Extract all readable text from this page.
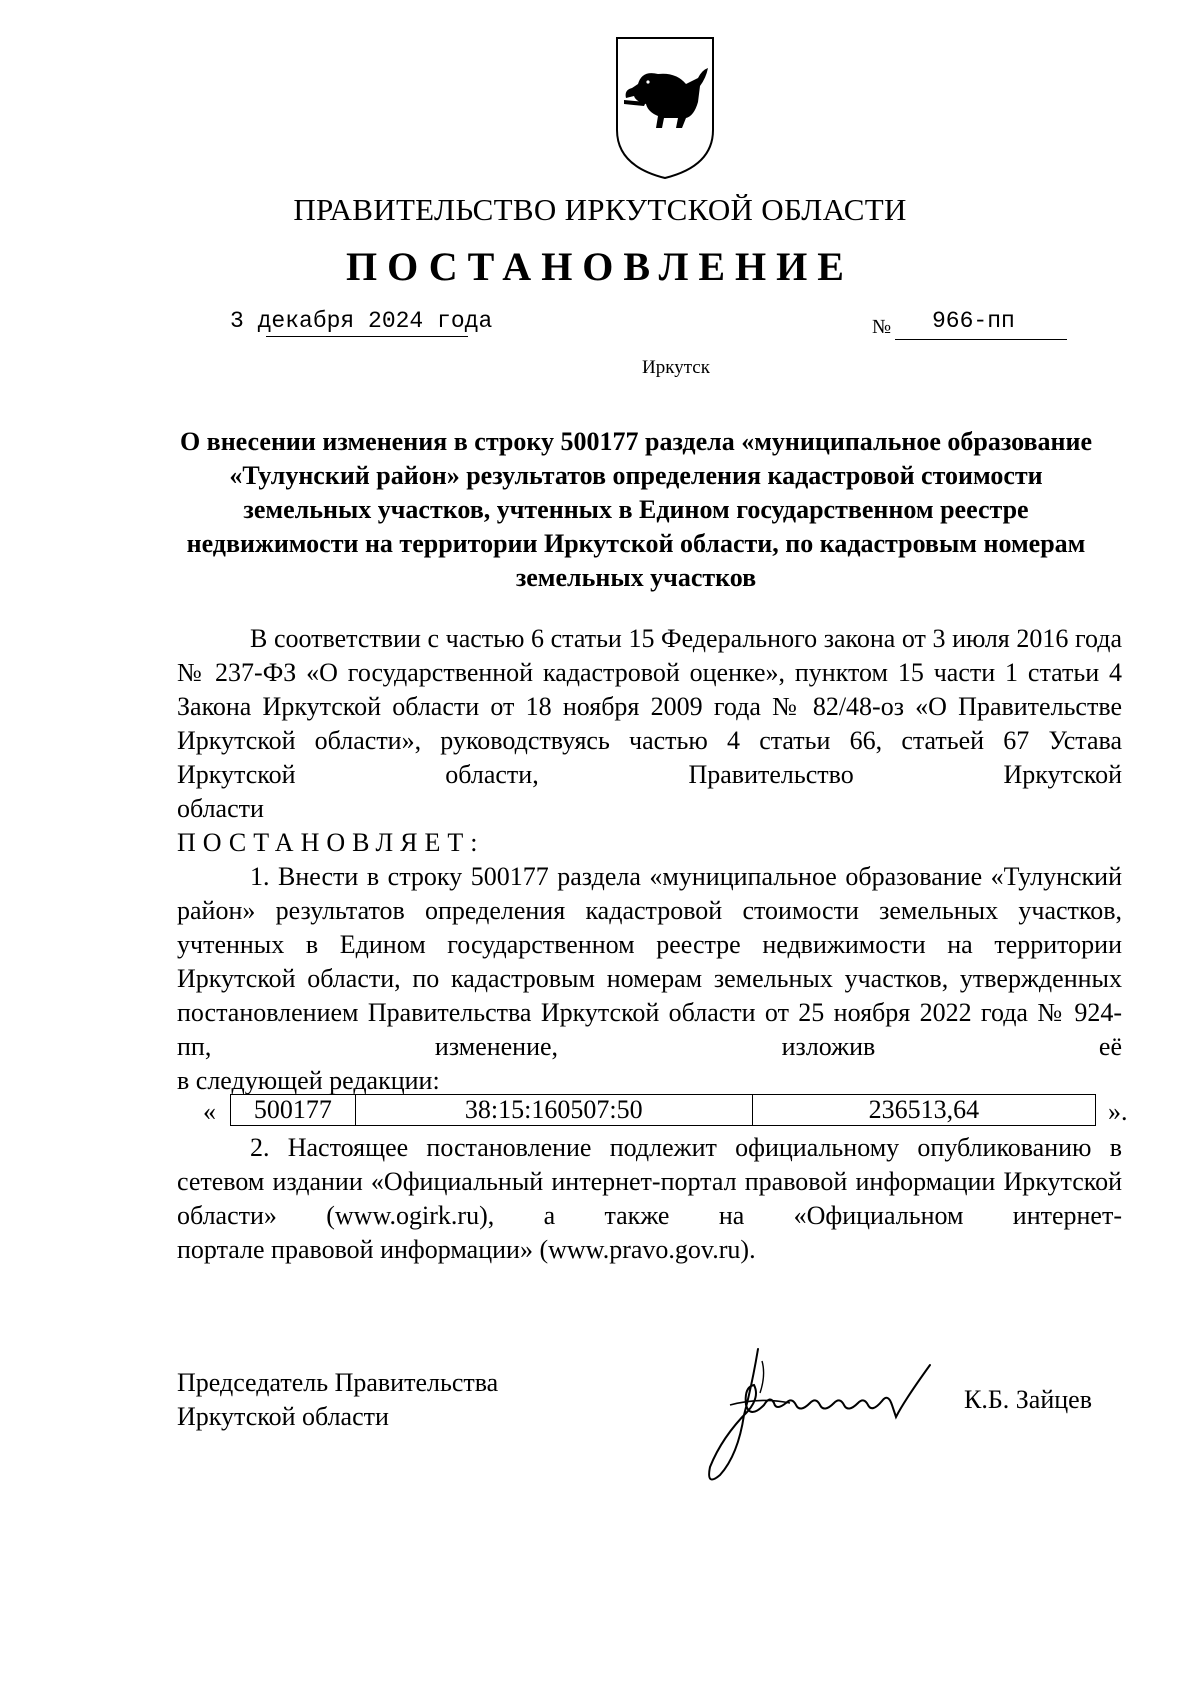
ПРАВИТЕЛЬСТВО ИРКУТСКОЙ ОБЛАСТИ
ПОСТАНОВЛЕНИЕ
3 декабря 2024 года	№ 966-пп
Иркутск
О внесении изменения в строку 500177 раздела «муниципальное образование «Тулунский район» результатов определения кадастровой стоимости земельных участков, учтенных в Едином государственном реестре недвижимости на территории Иркутской области, по кадастровым номерам земельных участков
В соответствии с частью 6 статьи 15 Федерального закона от 3 июля 2016 года № 237-ФЗ «О государственной кадастровой оценке», пунктом 15 части 1 статьи 4 Закона Иркутской области от 18 ноября 2009 года № 82/48-оз «О Правительстве Иркутской области», руководствуясь частью 4 статьи 66, статьей 67 Устава Иркутской области, Правительство Иркутской
области
ПОСТАНОВЛЯЕТ:
1. Внести в строку 500177 раздела «муниципальное образование «Тулунский район» результатов определения кадастровой стоимости земельных участков, учтенных в Едином государственном реестре недвижимости на территории Иркутской области, по кадастровым номерам земельных участков, утвержденных постановлением Правительства Иркутской области от 25 ноября 2022 года № 924-пп, изменение, изложив её
в следующей редакции:
« 500177	38:15:160507:50	236513,64	».
2. Настоящее постановление подлежит официальному опубликованию в сетевом издании «Официальный интернет-портал правовой информации Иркутской области» (www.ogirk.ru), а также на «Официальном интернет-
портале правовой информации» (www.pravo.gov.ru).
Председатель Правительства
Иркутской области
К.Б. Зайцев
